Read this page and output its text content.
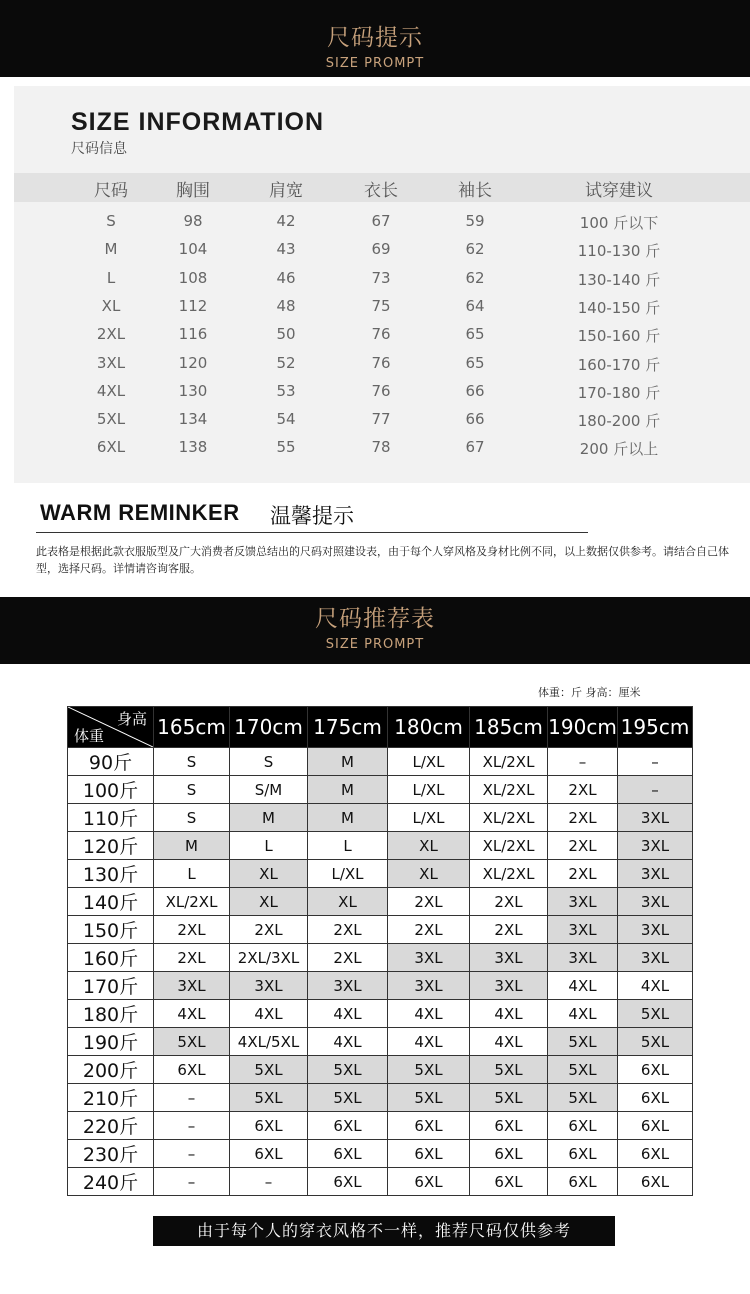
尺码提示
SIZE PROMPT
SIZE INFORMATION
尺码信息
尺码	胸围	肩宽	衣长	袖长	试穿建议
S	98	42	67	59	100 斤以下
M	104	43	69	62	110-130 斤
L	108	46	73	62	130-140 斤
XL	112	48	75	64	140-150 斤
2XL	116	50	76	65	150-160 斤
3XL	120	52	76	65	160-170 斤
4XL	130	53	76	66	170-180 斤
5XL	134	54	77	66	180-200 斤
6XL	138	55	78	67	200 斤以上
WARM REMINKER 温馨提示
此表格是根据此款衣服版型及广大消费者反馈总结出的尺码对照建设表，由于每个人穿风格及身材比例不同，以上数据仅供参考。请结合自己体型，选择尺码。详情请咨询客服。
尺码推荐表
SIZE PROMPT
体重：斤 身高：厘米
身高
体重	165cm	170cm	175cm	180cm	185cm	190cm	195cm
90斤	S	S	M	L/XL	XL/2XL	–	–
100斤	S	S/M	M	L/XL	XL/2XL	2XL	–
110斤	S	M	M	L/XL	XL/2XL	2XL	3XL
120斤	M	L	L	XL	XL/2XL	2XL	3XL
130斤	L	XL	L/XL	XL	XL/2XL	2XL	3XL
140斤	XL/2XL	XL	XL	2XL	2XL	3XL	3XL
150斤	2XL	2XL	2XL	2XL	2XL	3XL	3XL
160斤	2XL	2XL/3XL	2XL	3XL	3XL	3XL	3XL
170斤	3XL	3XL	3XL	3XL	3XL	4XL	4XL
180斤	4XL	4XL	4XL	4XL	4XL	4XL	5XL
190斤	5XL	4XL/5XL	4XL	4XL	4XL	5XL	5XL
200斤	6XL	5XL	5XL	5XL	5XL	5XL	6XL
210斤	–	5XL	5XL	5XL	5XL	5XL	6XL
220斤	–	6XL	6XL	6XL	6XL	6XL	6XL
230斤	–	6XL	6XL	6XL	6XL	6XL	6XL
240斤	–	–	6XL	6XL	6XL	6XL	6XL
由于每个人的穿衣风格不一样，推荐尺码仅供参考
